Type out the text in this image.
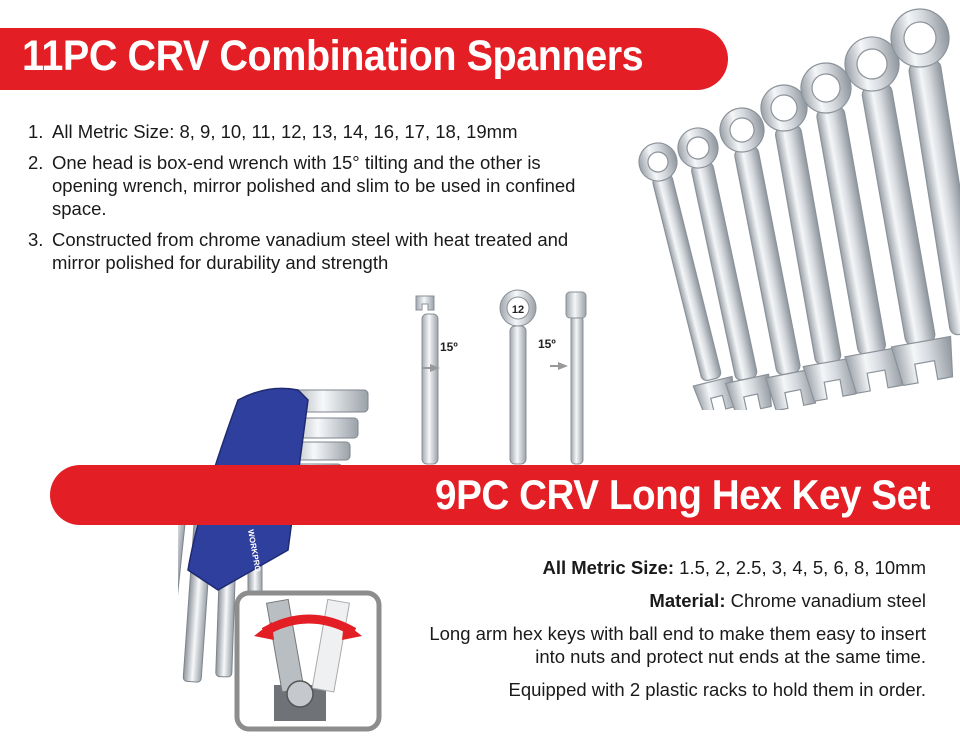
12
15º	15º
WORKPRO
11PC CRV Combination Spanners
1. All Metric Size: 8, 9, 10, 11, 12, 13, 14, 16, 17, 18, 19mm
2. One head is box-end wrench with 15° tilting and the other is opening wrench, mirror polished and slim to be used in confined space.
3. Constructed from chrome vanadium steel with heat treated and mirror polished for durability and strength
9PC CRV Long Hex Key Set

All Metric Size: 1.5, 2, 2.5, 3, 4, 5, 6, 8, 10mm

Material: Chrome vanadium steel

Long arm hex keys with ball end to make them easy to insert into nuts and protect nut ends at the same time.

Equipped with 2 plastic racks to hold them in order.
